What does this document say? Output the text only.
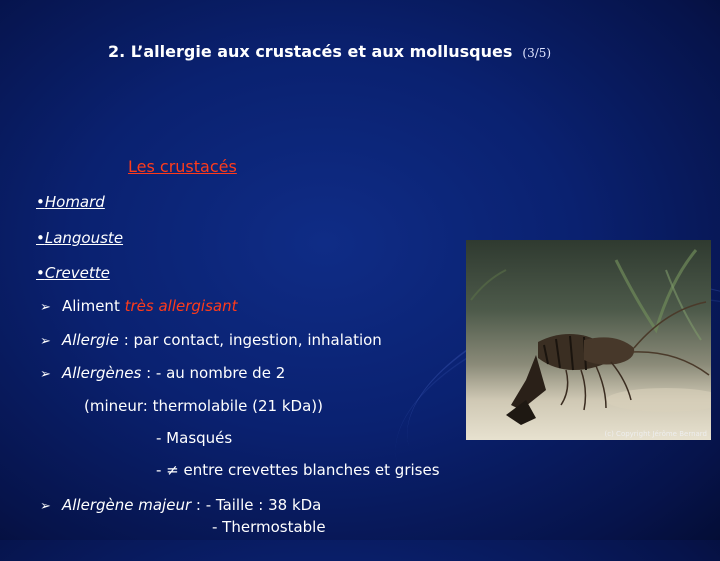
2. L’allergie aux crustacés et aux mollusques (3/5)
Les crustacés
•Homard
•Langouste
•Crevette
➢ Aliment très allergisant
➢ Allergie : par contact, ingestion, inhalation
➢ Allergènes : - au nombre de 2
(mineur: thermolabile (21 kDa))
- Masqués
- ≠ entre crevettes blanches et grises
➢ Allergène majeur : - Taille : 38 kDa
- Thermostable
(c) Copyright Jérôme Bernard
